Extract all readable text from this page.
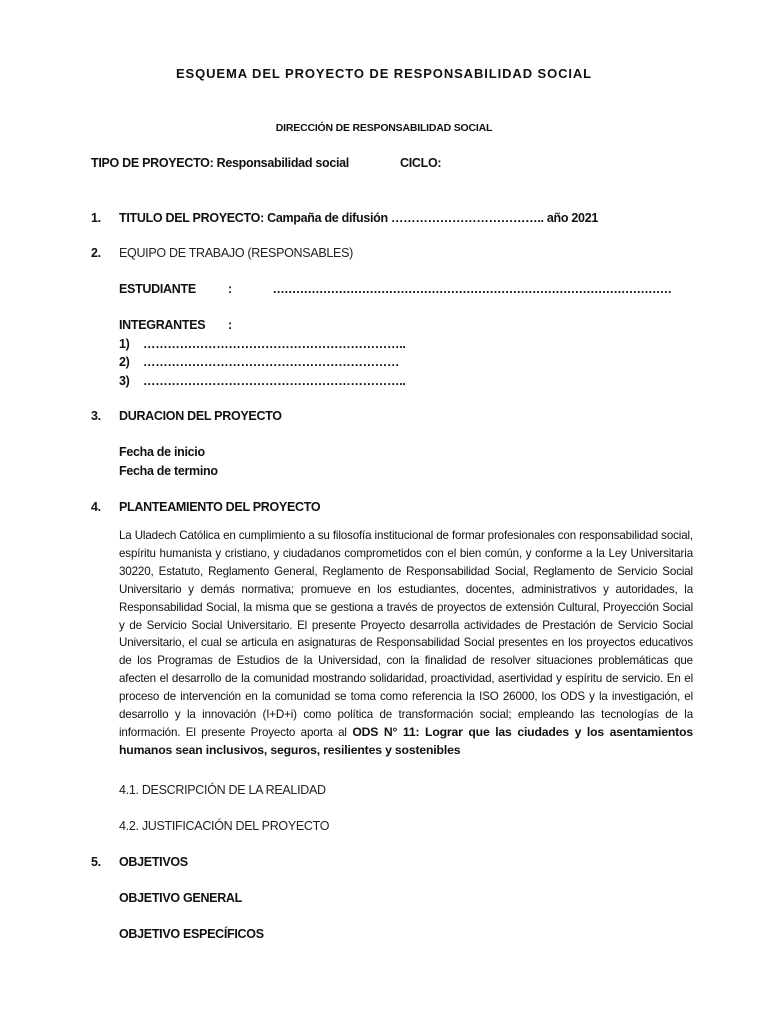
ESQUEMA DEL PROYECTO DE RESPONSABILIDAD SOCIAL
DIRECCIÓN DE RESPONSABILIDAD SOCIAL
TIPO DE PROYECTO: Responsabilidad social	CICLO:
1. TITULO DEL PROYECTO: Campaña de difusión ……………………………….. año 2021
2. EQUIPO DE TRABAJO (RESPONSABLES)
ESTUDIANTE	:	.......................................................................................................
INTEGRANTES :
1) ………………………………………………………..
2) ………………………………………………………
3) ………………………………………………………..
3. DURACION DEL PROYECTO
Fecha de inicio
Fecha de termino
4. PLANTEAMIENTO DEL PROYECTO
La Uladech Católica en cumplimiento a su filosofía institucional de formar profesionales con responsabilidad social, espíritu humanista y cristiano, y ciudadanos comprometidos con el bien común, y conforme a la Ley Universitaria 30220, Estatuto, Reglamento General, Reglamento de Responsabilidad Social, Reglamento de Servicio Social Universitario y demás normativa; promueve en los estudiantes, docentes, administrativos y autoridades, la Responsabilidad Social, la misma que se gestiona a través de proyectos de extensión Cultural, Proyección Social y de Servicio Social Universitario. El presente Proyecto desarrolla actividades de Prestación de Servicio Social Universitario, el cual se articula en asignaturas de Responsabilidad Social presentes en los proyectos educativos de los Programas de Estudios de la Universidad, con la finalidad de resolver situaciones problemáticas que afecten el desarrollo de la comunidad mostrando solidaridad, proactividad, asertividad y espíritu de servicio. En el proceso de intervención en la comunidad se toma como referencia la ISO 26000, los ODS y la investigación, el desarrollo y la innovación (I+D+i) como política de transformación social; empleando las tecnologías de la información. El presente Proyecto aporta al ODS N° 11: Lograr que las ciudades y los asentamientos humanos sean inclusivos, seguros, resilientes y sostenibles
4.1. DESCRIPCIÓN DE LA REALIDAD
4.2. JUSTIFICACIÓN DEL PROYECTO
5. OBJETIVOS
OBJETIVO GENERAL
OBJETIVO ESPECÍFICOS
